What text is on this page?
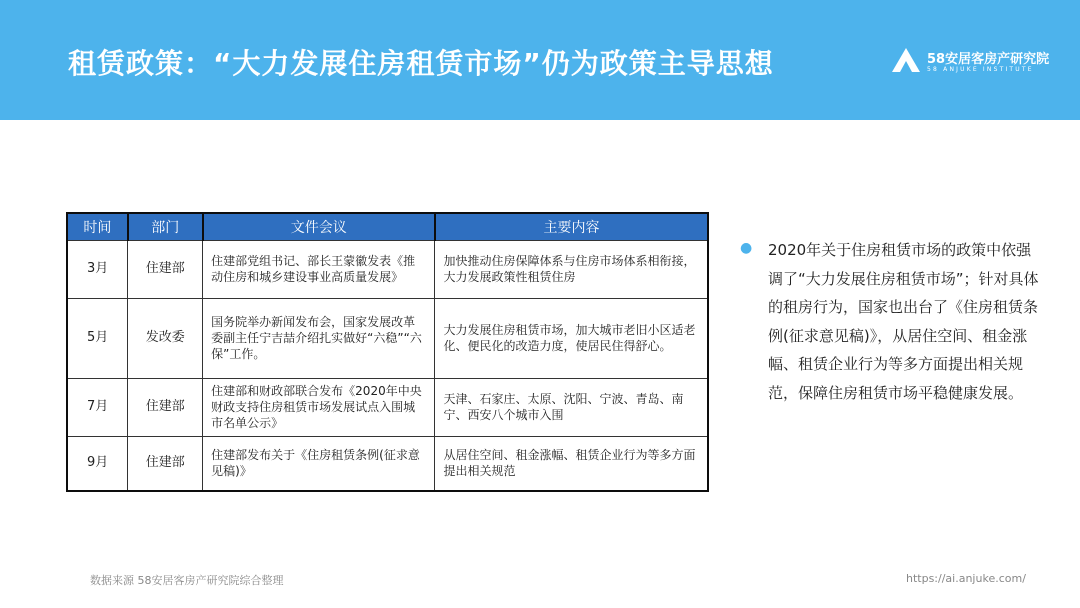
租赁政策：“大力发展住房租赁市场”仍为政策主导思想	58安居客房产研究院
58 ANJUKE INSTITUTE
时间	部门	文件会议	主要内容
3月	住建部	住建部党组书记、部长王蒙徽发表《推动住房和城乡建设事业高质量发展》	加快推动住房保障体系与住房市场体系相衔接，大力发展政策性租赁住房
5月	发改委	国务院举办新闻发布会，国家发展改革委副主任宁吉喆介绍扎实做好“六稳”“六保”工作。	大力发展住房租赁市场，加大城市老旧小区适老化、便民化的改造力度，使居民住得舒心。
7月	住建部	住建部和财政部联合发布《2020年中央财政支持住房租赁市场发展试点入围城市名单公示》	天津、石家庄、太原、沈阳、宁波、青岛、南宁、西安八个城市入围
9月	住建部	住建部发布关于《住房租赁条例(征求意见稿)》	从居住空间、租金涨幅、租赁企业行为等多方面提出相关规范
● 2020年关于住房租赁市场的政策中依强调了“大力发展住房租赁市场”；针对具体的租房行为，国家也出台了《住房租赁条例(征求意见稿)》，从居住空间、租金涨幅、租赁企业行为等多方面提出相关规范，保障住房租赁市场平稳健康发展。
数据来源 58安居客房产研究院综合整理	https://ai.anjuke.com/
